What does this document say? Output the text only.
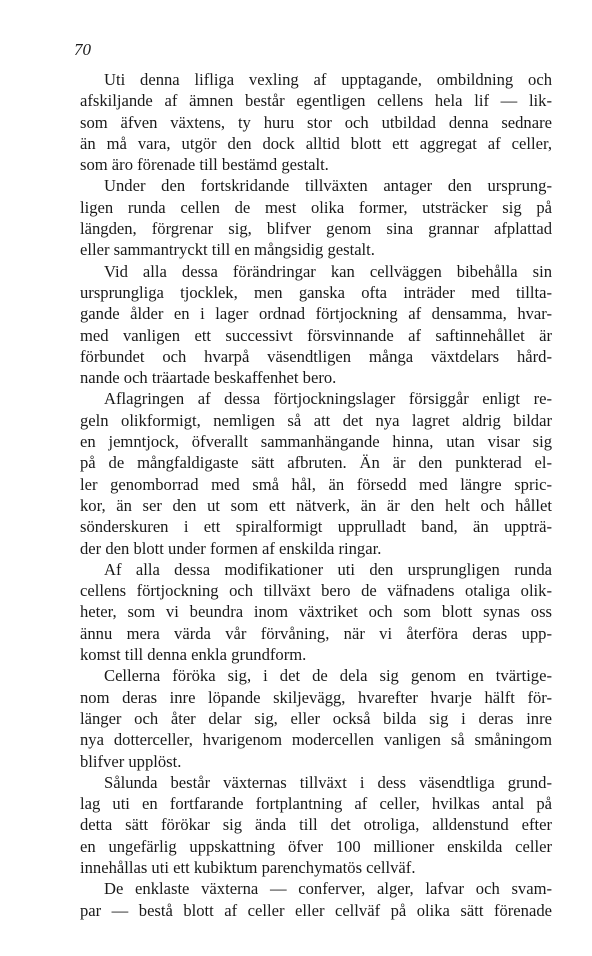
70
Uti denna lifliga vexling af upptagande, ombildning och
afskiljande af ämnen består egentligen cellens hela lif — lik-
som äfven växtens, ty huru stor och utbildad denna sednare
än må vara, utgör den dock alltid blott ett aggregat af celler,
som äro förenade till bestämd gestalt.
Under den fortskridande tillväxten antager den ursprung-
ligen runda cellen de mest olika former, utsträcker sig på
längden, förgrenar sig, blifver genom sina grannar afplattad
eller sammantryckt till en mångsidig gestalt.
Vid alla dessa förändringar kan cellväggen bibehålla sin
ursprungliga tjocklek, men ganska ofta inträder med tillta-
gande ålder en i lager ordnad förtjockning af densamma, hvar-
med vanligen ett successivt försvinnande af saftinnehållet är
förbundet och hvarpå väsendtligen många växtdelars hård-
nande och träartade beskaffenhet bero.
Aflagringen af dessa förtjockningslager försiggår enligt re-
geln olikformigt, nemligen så att det nya lagret aldrig bildar
en jemntjock, öfverallt sammanhängande hinna, utan visar sig
på de mångfaldigaste sätt afbruten. Än är den punkterad el-
ler genomborrad med små hål, än försedd med längre spric-
kor, än ser den ut som ett nätverk, än är den helt och hållet
sönderskuren i ett spiralformigt upprulladt band, än uppträ-
der den blott under formen af enskilda ringar.
Af alla dessa modifikationer uti den ursprungligen runda
cellens förtjockning och tillväxt bero de väfnadens otaliga olik-
heter, som vi beundra inom växtriket och som blott synas oss
ännu mera värda vår förvåning, när vi återföra deras upp-
komst till denna enkla grundform.
Cellerna föröka sig, i det de dela sig genom en tvärtige-
nom deras inre löpande skiljevägg, hvarefter hvarje hälft för-
länger och åter delar sig, eller också bilda sig i deras inre
nya dotterceller, hvarigenom modercellen vanligen så småningom
blifver upplöst.
Sålunda består växternas tillväxt i dess väsendtliga grund-
lag uti en fortfarande fortplantning af celler, hvilkas antal på
detta sätt förökar sig ända till det otroliga, alldenstund efter
en ungefärlig uppskattning öfver 100 millioner enskilda celler
innehållas uti ett kubiktum parenchymatös cellväf.
De enklaste växterna — conferver, alger, lafvar och svam-
par — bestå blott af celler eller cellväf på olika sätt förenade
